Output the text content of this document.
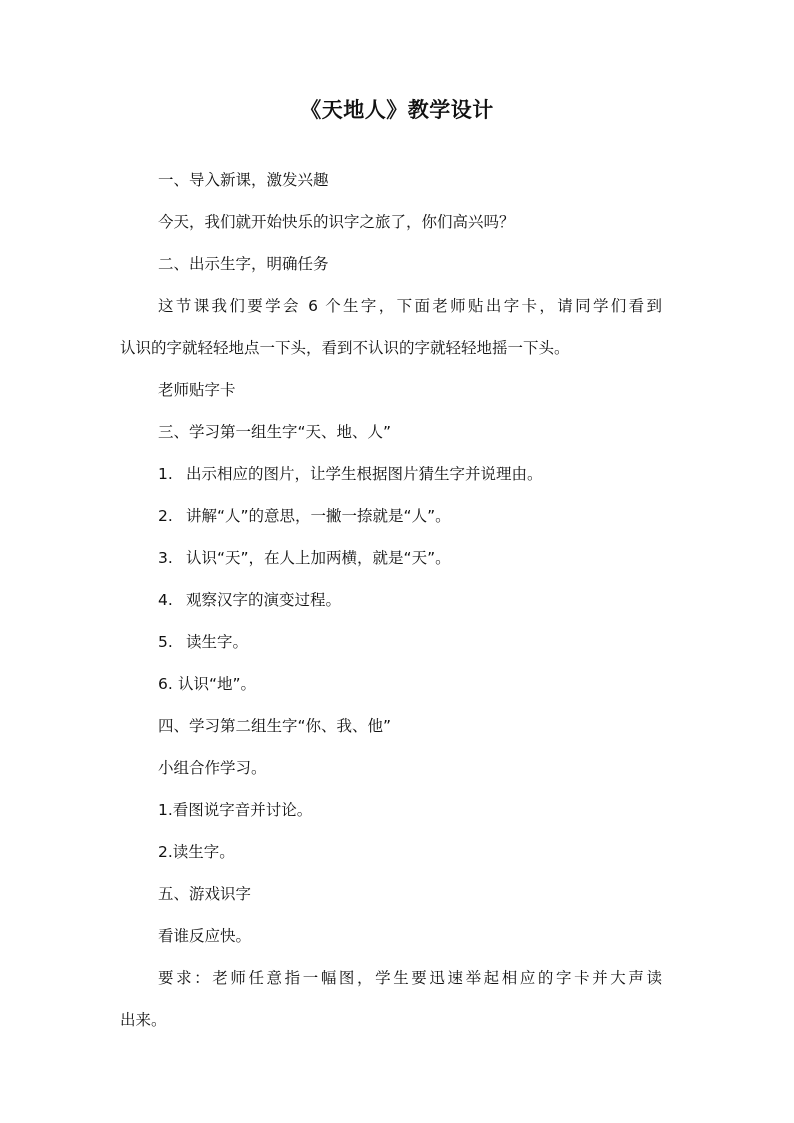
《天地人》教学设计
一、导入新课，激发兴趣
今天，我们就开始快乐的识字之旅了，你们高兴吗？
二、出示生字，明确任务
这节课我们要学会 6 个生字，下面老师贴出字卡，请同学们看到
认识的字就轻轻地点一下头，看到不认识的字就轻轻地摇一下头。
老师贴字卡
三、学习第一组生字“天、地、人”
1. 出示相应的图片，让学生根据图片猜生字并说理由。
2. 讲解“人”的意思，一撇一捺就是“人”。
3. 认识“天”，在人上加两横，就是“天”。
4. 观察汉字的演变过程。
5. 读生字。
6. 认识“地”。
四、学习第二组生字“你、我、他”
小组合作学习。
1.看图说字音并讨论。
2.读生字。
五、游戏识字
看谁反应快。
要求：老师任意指一幅图，学生要迅速举起相应的字卡并大声读
出来。
